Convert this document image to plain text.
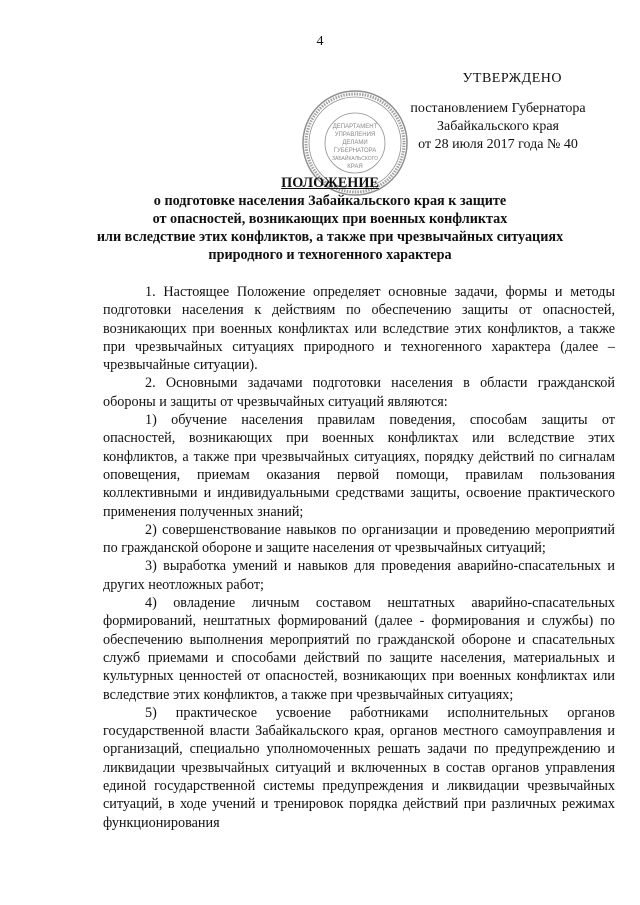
4
УТВЕРЖДЕНО
ДЕПАРТАМЕНТ
УПРАВЛЕНИЯ
ДЕЛАМИ
ГУБЕРНАТОРА
ЗАБАЙКАЛЬСКОГО
КРАЯ
постановлением Губернатора
Забайкальского края
от 28 июля 2017 года № 40
ПОЛОЖЕНИЕ
о подготовке населения Забайкальского края к защите
от опасностей, возникающих при военных конфликтах
или вследствие этих конфликтов, а также при чрезвычайных ситуациях
природного и техногенного характера

1. Настоящее Положение определяет основные задачи, формы и методы подготовки населения к действиям по обеспечению защиты от опасностей, возникающих при военных конфликтах или вследствие этих конфликтов, а также при чрезвычайных ситуациях природного и техногенного характера (далее – чрезвычайные ситуации).

2. Основными задачами подготовки населения в области гражданской обороны и защиты от чрезвычайных ситуаций являются:

1) обучение населения правилам поведения, способам защиты от опасностей, возникающих при военных конфликтах или вследствие этих конфликтов, а также при чрезвычайных ситуациях, порядку действий по сигналам оповещения, приемам оказания первой помощи, правилам пользования коллективными и индивидуальными средствами защиты, освоение практического применения полученных знаний;

2) совершенствование навыков по организации и проведению мероприятий по гражданской обороне и защите населения от чрезвычайных ситуаций;

3) выработка умений и навыков для проведения аварийно-спасательных и других неотложных работ;

4) овладение личным составом нештатных аварийно-спасательных формирований, нештатных формирований (далее - формирования и службы) по обеспечению выполнения мероприятий по гражданской обороне и спасательных служб приемами и способами действий по защите населения, материальных и культурных ценностей от опасностей, возникающих при военных конфликтах или вследствие этих конфликтов, а также при чрезвычайных ситуациях;

5) практическое усвоение работниками исполнительных органов государственной власти Забайкальского края, органов местного самоуправления и организаций, специально уполномоченных решать задачи по предупреждению и ликвидации чрезвычайных ситуаций и включенных в состав органов управления единой государственной системы предупреждения и ликвидации чрезвычайных ситуаций, в ходе учений и тренировок порядка действий при различных режимах функционирования
